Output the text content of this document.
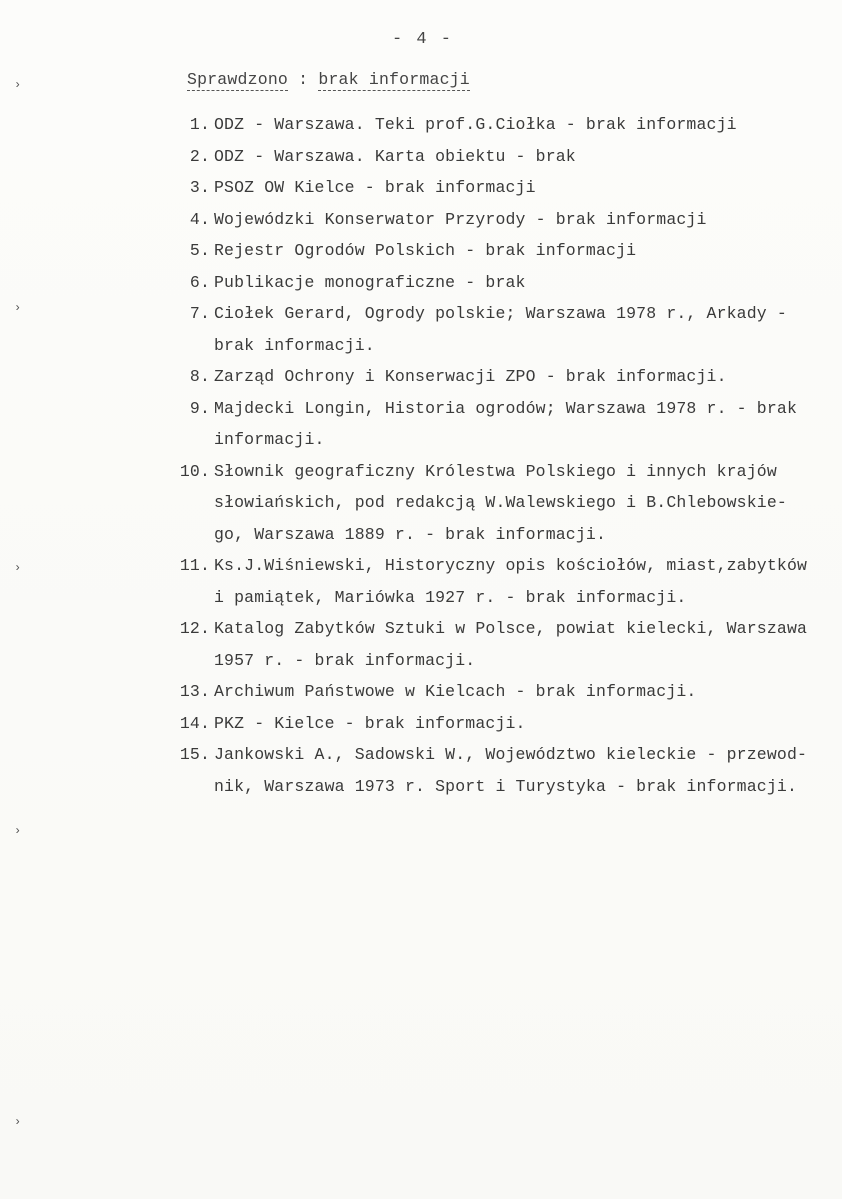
›
›
›
›
›
- 4 -
Sprawdzono : brak informacji
1. ODZ - Warszawa. Teki prof.G.Ciołka - brak informacji
2. ODZ - Warszawa. Karta obiektu - brak
3. PSOZ OW Kielce - brak informacji
4. Wojewódzki Konserwator Przyrody - brak informacji
5. Rejestr Ogrodów Polskich - brak informacji
6. Publikacje monograficzne - brak
7. Ciołek Gerard, Ogrody polskie; Warszawa 1978 r., Arkady -
brak informacji.
8. Zarząd Ochrony i Konserwacji ZPO - brak informacji.
9. Majdecki Longin, Historia ogrodów; Warszawa 1978 r. - brak
informacji.
10. Słownik geograficzny Królestwa Polskiego i innych krajów
słowiańskich, pod redakcją W.Walewskiego i B.Chlebowskie-
go, Warszawa 1889 r. - brak informacji.
11. Ks.J.Wiśniewski, Historyczny opis kościołów, miast,zabytków
i pamiątek, Mariówka 1927 r. - brak informacji.
12. Katalog Zabytków Sztuki w Polsce, powiat kielecki, Warszawa
1957 r. - brak informacji.
13. Archiwum Państwowe w Kielcach - brak informacji.
14. PKZ - Kielce - brak informacji.
15. Jankowski A., Sadowski W., Województwo kieleckie - przewod-
nik, Warszawa 1973 r. Sport i Turystyka - brak informacji.
